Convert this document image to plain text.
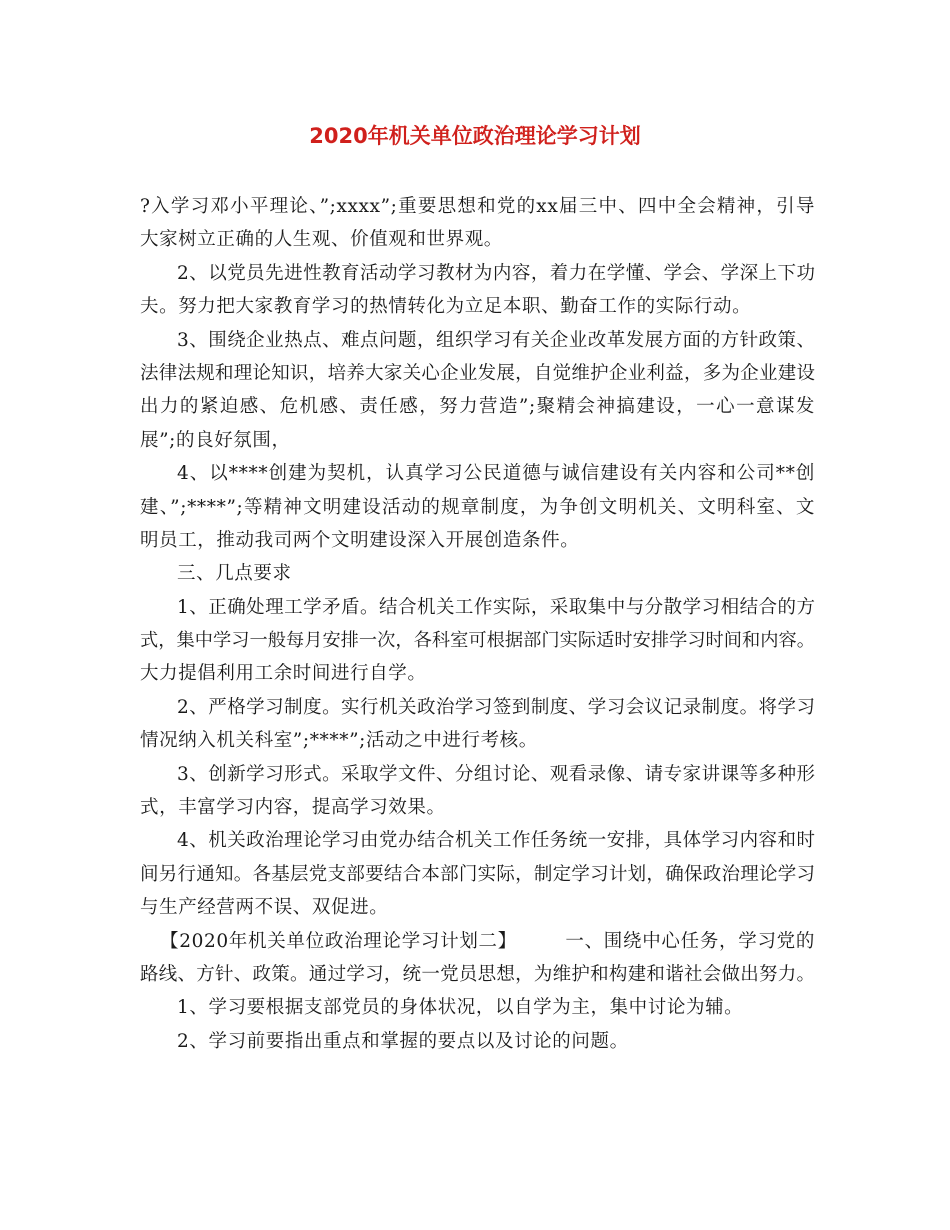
2020年机关单位政治理论学习计划
?入学习邓小平理论、”;xxxx”;重要思想和党的xx届三中、四中全会精神，引导
大家树立正确的人生观、价值观和世界观。
2、以党员先进性教育活动学习教材为内容，着力在学懂、学会、学深上下功
夫。努力把大家教育学习的热情转化为立足本职、勤奋工作的实际行动。
3、围绕企业热点、难点问题，组织学习有关企业改革发展方面的方针政策、
法律法规和理论知识，培养大家关心企业发展，自觉维护企业利益，多为企业建设
出力的紧迫感、危机感、责任感，努力营造”;聚精会神搞建设，一心一意谋发
展”;的良好氛围，
4、以****创建为契机，认真学习公民道德与诚信建设有关内容和公司**创
建、”;****”;等精神文明建设活动的规章制度，为争创文明机关、文明科室、文
明员工，推动我司两个文明建设深入开展创造条件。
三、几点要求
1、正确处理工学矛盾。结合机关工作实际，采取集中与分散学习相结合的方
式，集中学习一般每月安排一次，各科室可根据部门实际适时安排学习时间和内容。
大力提倡利用工余时间进行自学。
2、严格学习制度。实行机关政治学习签到制度、学习会议记录制度。将学习
情况纳入机关科室”;****”;活动之中进行考核。
3、创新学习形式。采取学文件、分组讨论、观看录像、请专家讲课等多种形
式，丰富学习内容，提高学习效果。
4、机关政治理论学习由党办结合机关工作任务统一安排，具体学习内容和时
间另行通知。各基层党支部要结合本部门实际，制定学习计划，确保政治理论学习
与生产经营两不误、双促进。
【2020年机关单位政治理论学习计划二】　　　一、围绕中心任务，学习党的
路线、方针、政策。通过学习，统一党员思想，为维护和构建和谐社会做出努力。
1、学习要根据支部党员的身体状况，以自学为主，集中讨论为辅。
2、学习前要指出重点和掌握的要点以及讨论的问题。
